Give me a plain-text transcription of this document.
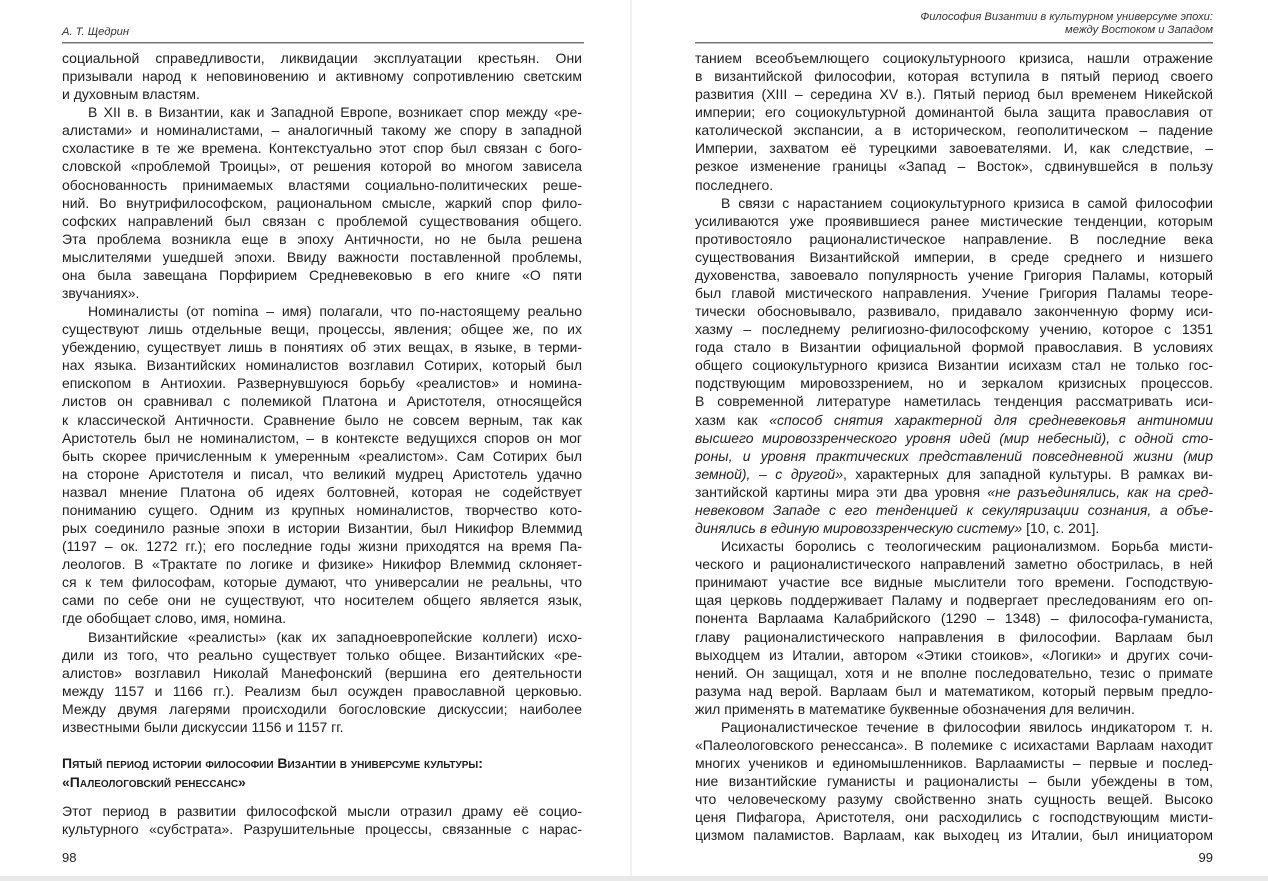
А. Т. Щедрин
социальной справедливости, ликвидации эксплуатации крестьян. Они
призывали народ к неповиновению и активному сопротивлению светским
и духовным властям.
В XII в. в Византии, как и Западной Европе, возникает спор между «ре-
алистами» и номиналистами, – аналогичный такому же спору в западной
схоластике в те же времена. Контекстуально этот спор был связан с бого-
словской «проблемой Троицы», от решения которой во многом зависела
обоснованность принимаемых властями социально-политических реше-
ний. Во внутрифилософском, рациональном смысле, жаркий спор фило-
софских направлений был связан с проблемой существования общего.
Эта проблема возникла еще в эпоху Античности, но не была решена
мыслителями ушедшей эпохи. Ввиду важности поставленной проблемы,
она была завещана Порфирием Средневековью в его книге «О пяти
звучаниях».
Номиналисты (от nomina – имя) полагали, что по-настоящему реально
существуют лишь отдельные вещи, процессы, явления; общее же, по их
убеждению, существует лишь в понятиях об этих вещах, в языке, в терми-
нах языка. Византийских номиналистов возглавил Сотирих, который был
епископом в Антиохии. Развернувшуюся борьбу «реалистов» и номина-
листов он сравнивал с полемикой Платона и Аристотеля, относящейся
к классической Античности. Сравнение было не совсем верным, так как
Аристотель был не номиналистом, – в контексте ведущихся споров он мог
быть скорее причисленным к умеренным «реалистом». Сам Сотирих был
на стороне Аристотеля и писал, что великий мудрец Аристотель удачно
назвал мнение Платона об идеях болтовней, которая не содействует
пониманию сущего. Одним из крупных номиналистов, творчество кото-
рых соединило разные эпохи в истории Византии, был Никифор Влеммид
(1197 – ок. 1272 гг.); его последние годы жизни приходятся на время Па-
леологов. В «Трактате по логике и физике» Никифор Влеммид склоняет-
ся к тем философам, которые думают, что универсалии не реальны, что
сами по себе они не существуют, что носителем общего является язык,
где обобщает слово, имя, номина.
Византийские «реалисты» (как их западноевропейские коллеги) исхо-
дили из того, что реально существует только общее. Византийских «ре-
алистов» возглавил Николай Манефонский (вершина его деятельности
между 1157 и 1166 гг.). Реализм был осужден православной церковью.
Между двумя лагерями происходили богословские дискуссии; наиболее
известными были дискуссии 1156 и 1157 гг.
Пятый период истории философии Византии в универсуме культуры:
«Палеологовский ренессанс»
Этот период в развитии философской мысли отразил драму её социо-
культурного «субстрата». Разрушительные процессы, связанные с нарас-
98
Философия Византии в культурном универсуме эпохи:
между Востоком и Западом
танием всеобъемлющего социокультурноого кризиса, нашли отражение
в византийской философии, которая вступила в пятый период своего
развития (XIII – середина XV в.). Пятый период был временем Никейской
империи; его социокультурной доминантой была защита православия от
католической экспансии, а в историческом, геополитическом – падение
Империи, захватом её турецкими завоевателями. И, как следствие, –
резкое изменение границы «Запад – Восток», сдвинувшейся в пользу
последнего.
В связи с нарастанием социокультурного кризиса в самой философии
усиливаются уже проявившиеся ранее мистические тенденции, которым
противостояло рационалистическое направление. В последние века
существования Византийской империи, в среде среднего и низшего
духовенства, завоевало популярность учение Григория Паламы, который
был главой мистического направления. Учение Григория Паламы теоре-
тически обосновывало, развивало, придавало законченную форму иси-
хазму – последнему религиозно-философскому учению, которое с 1351
года стало в Византии официальной формой православия. В условиях
общего социокультурного кризиса Византии исихазм стал не только гос-
подствующим мировоззрением, но и зеркалом кризисных процессов.
В современной литературе наметилась тенденция рассматривать иси-
хазм как «способ снятия характерной для средневековья антиномии
высшего мировоззренческого уровня идей (мир небесный), с одной сто-
роны, и уровня практических представлений повседневной жизни (мир
земной), – с другой», характерных для западной культуры. В рамках ви-
зантийской картины мира эти два уровня «не разъединялись, как на сред-
невековом Западе с его тенденцией к секуляризации сознания, а объе-
динялись в единую мировоззренческую систему» [10, с. 201].
Исихасты боролись с теологическим рационализмом. Борьба мисти-
ческого и рационалистического направлений заметно обострилась, в ней
принимают участие все видные мыслители того времени. Господствую-
щая церковь поддерживает Паламу и подвергает преследованиям его оп-
понента Варлаама Калабрийского (1290 – 1348) – философа-гуманиста,
главу рационалистического направления в философии. Варлаам был
выходцем из Италии, автором «Этики стоиков», «Логики» и других сочи-
нений. Он защищал, хотя и не вполне последовательно, тезис о примате
разума над верой. Варлаам был и математиком, который первым предло-
жил применять в математике буквенные обозначения для величин.
Рационалистическое течение в философии явилось индикатором т. н.
«Палеологовского ренессанса». В полемике с исихастами Варлаам находит
многих учеников и единомышленников. Варлаамисты – первые и послед-
ние византийские гуманисты и рационалисты – были убеждены в том,
что человеческому разуму свойственно знать сущность вещей. Высоко
ценя Пифагора, Аристотеля, они расходились с господствующим мисти-
цизмом паламистов. Варлаам, как выходец из Италии, был инициатором
99
